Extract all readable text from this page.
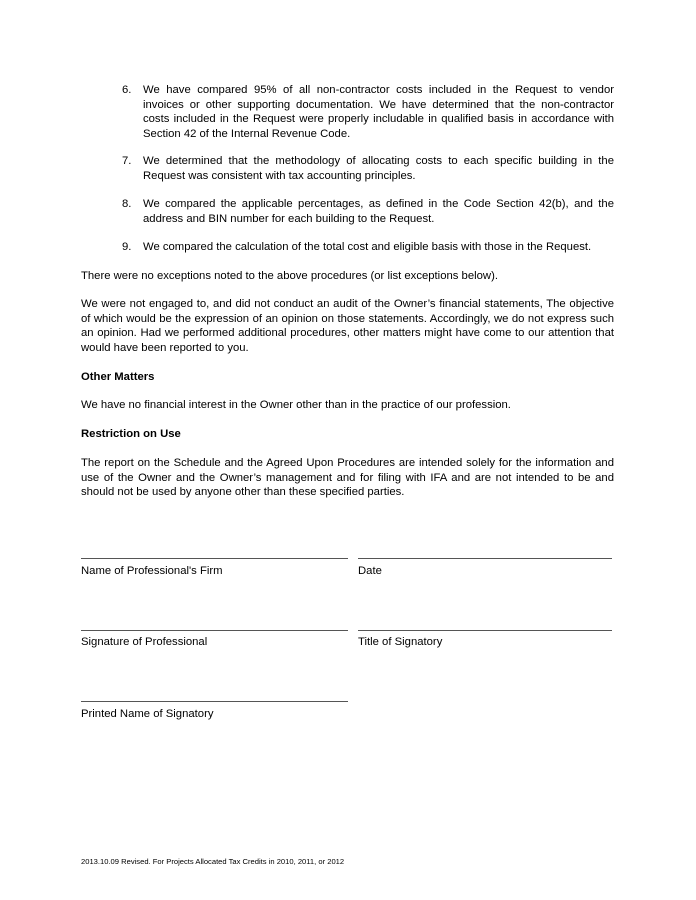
6. We have compared 95% of all non-contractor costs included in the Request to vendor invoices or other supporting documentation. We have determined that the non-contractor costs included in the Request were properly includable in qualified basis in accordance with Section 42 of the Internal Revenue Code.
7. We determined that the methodology of allocating costs to each specific building in the Request was consistent with tax accounting principles.
8. We compared the applicable percentages, as defined in the Code Section 42(b), and the address and BIN number for each building to the Request.
9. We compared the calculation of the total cost and eligible basis with those in the Request.
There were no exceptions noted to the above procedures (or list exceptions below).
We were not engaged to, and did not conduct an audit of the Owner’s financial statements, The objective of which would be the expression of an opinion on those statements. Accordingly, we do not express such an opinion. Had we performed additional procedures, other matters might have come to our attention that would have been reported to you.
Other Matters
We have no financial interest in the Owner other than in the practice of our profession.
Restriction on Use
The report on the Schedule and the Agreed Upon Procedures are intended solely for the information and use of the Owner and the Owner’s management and for filing with IFA and are not intended to be and should not be used by anyone other than these specified parties.
Name of Professional's Firm	Date
Signature of Professional	Title of Signatory
Printed Name of Signatory
2013.10.09 Revised. For Projects Allocated Tax Credits in 2010, 2011, or 2012
